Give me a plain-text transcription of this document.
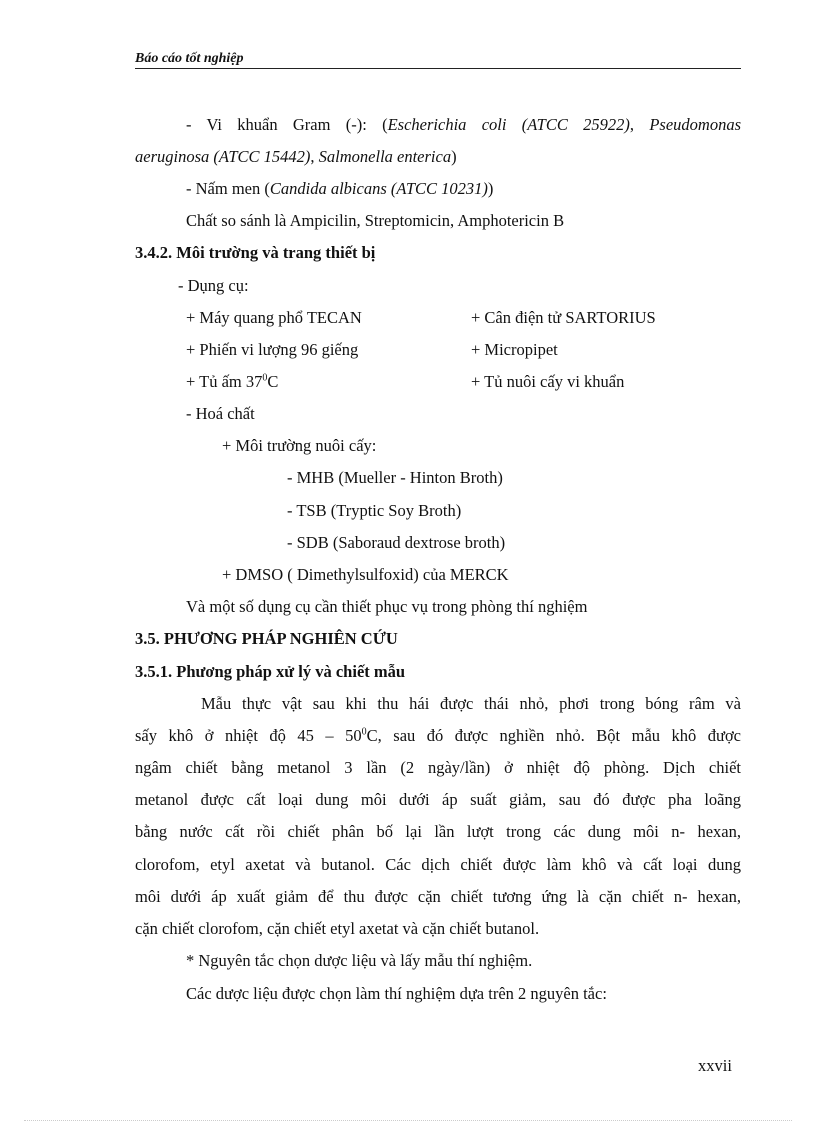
Báo cáo tốt nghiệp
- Vi khuẩn Gram (-): (Escherichia coli (ATCC 25922), Pseudomonas
aeruginosa (ATCC 15442), Salmonella enterica)
- Nấm men (Candida albicans (ATCC 10231))
Chất so sánh là Ampicilin, Streptomicin, Amphotericin B
3.4.2. Môi trường và trang thiết bị
- Dụng cụ:
+ Máy quang phổ TECAN	+ Cân điện tử SARTORIUS
+ Phiến vi lượng 96 giếng	+ Micropipet
+ Tủ ấm $37^0C$	+ Tủ nuôi cấy vi khuẩn
- Hoá chất
+ Môi trường nuôi cấy:
- MHB (Mueller - Hinton Broth)
- TSB (Tryptic Soy Broth)
- SDB (Saboraud dextrose broth)
+ DMSO ( Dimethylsulfoxid) của MERCK
Và một số dụng cụ cần thiết phục vụ trong phòng thí nghiệm
3.5. PHƯƠNG PHÁP NGHIÊN CỨU
3.5.1. Phương pháp xử lý và chiết mẫu
Mẫu thực vật sau khi thu hái được thái nhỏ, phơi trong bóng râm và
sấy khô ở nhiệt độ $45 - 50^0C$, sau đó được nghiền nhỏ. Bột mẫu khô được
ngâm chiết bằng metanol 3 lần (2 ngày/lần) ở nhiệt độ phòng. Dịch chiết
metanol được cất loại dung môi dưới áp suất giảm, sau đó được pha loãng
bằng nước cất rồi chiết phân bố lại lần lượt trong các dung môi n- hexan,
clorofom, etyl axetat và butanol. Các dịch chiết được làm khô và cất loại dung
môi dưới áp xuất giảm để thu được cặn chiết tương ứng là cặn chiết n- hexan,
cặn chiết clorofom, cặn chiết etyl axetat và cặn chiết butanol.
* Nguyên tắc chọn dược liệu và lấy mẫu thí nghiệm.
Các dược liệu được chọn làm thí nghiệm dựa trên 2 nguyên tắc:
xxvii
